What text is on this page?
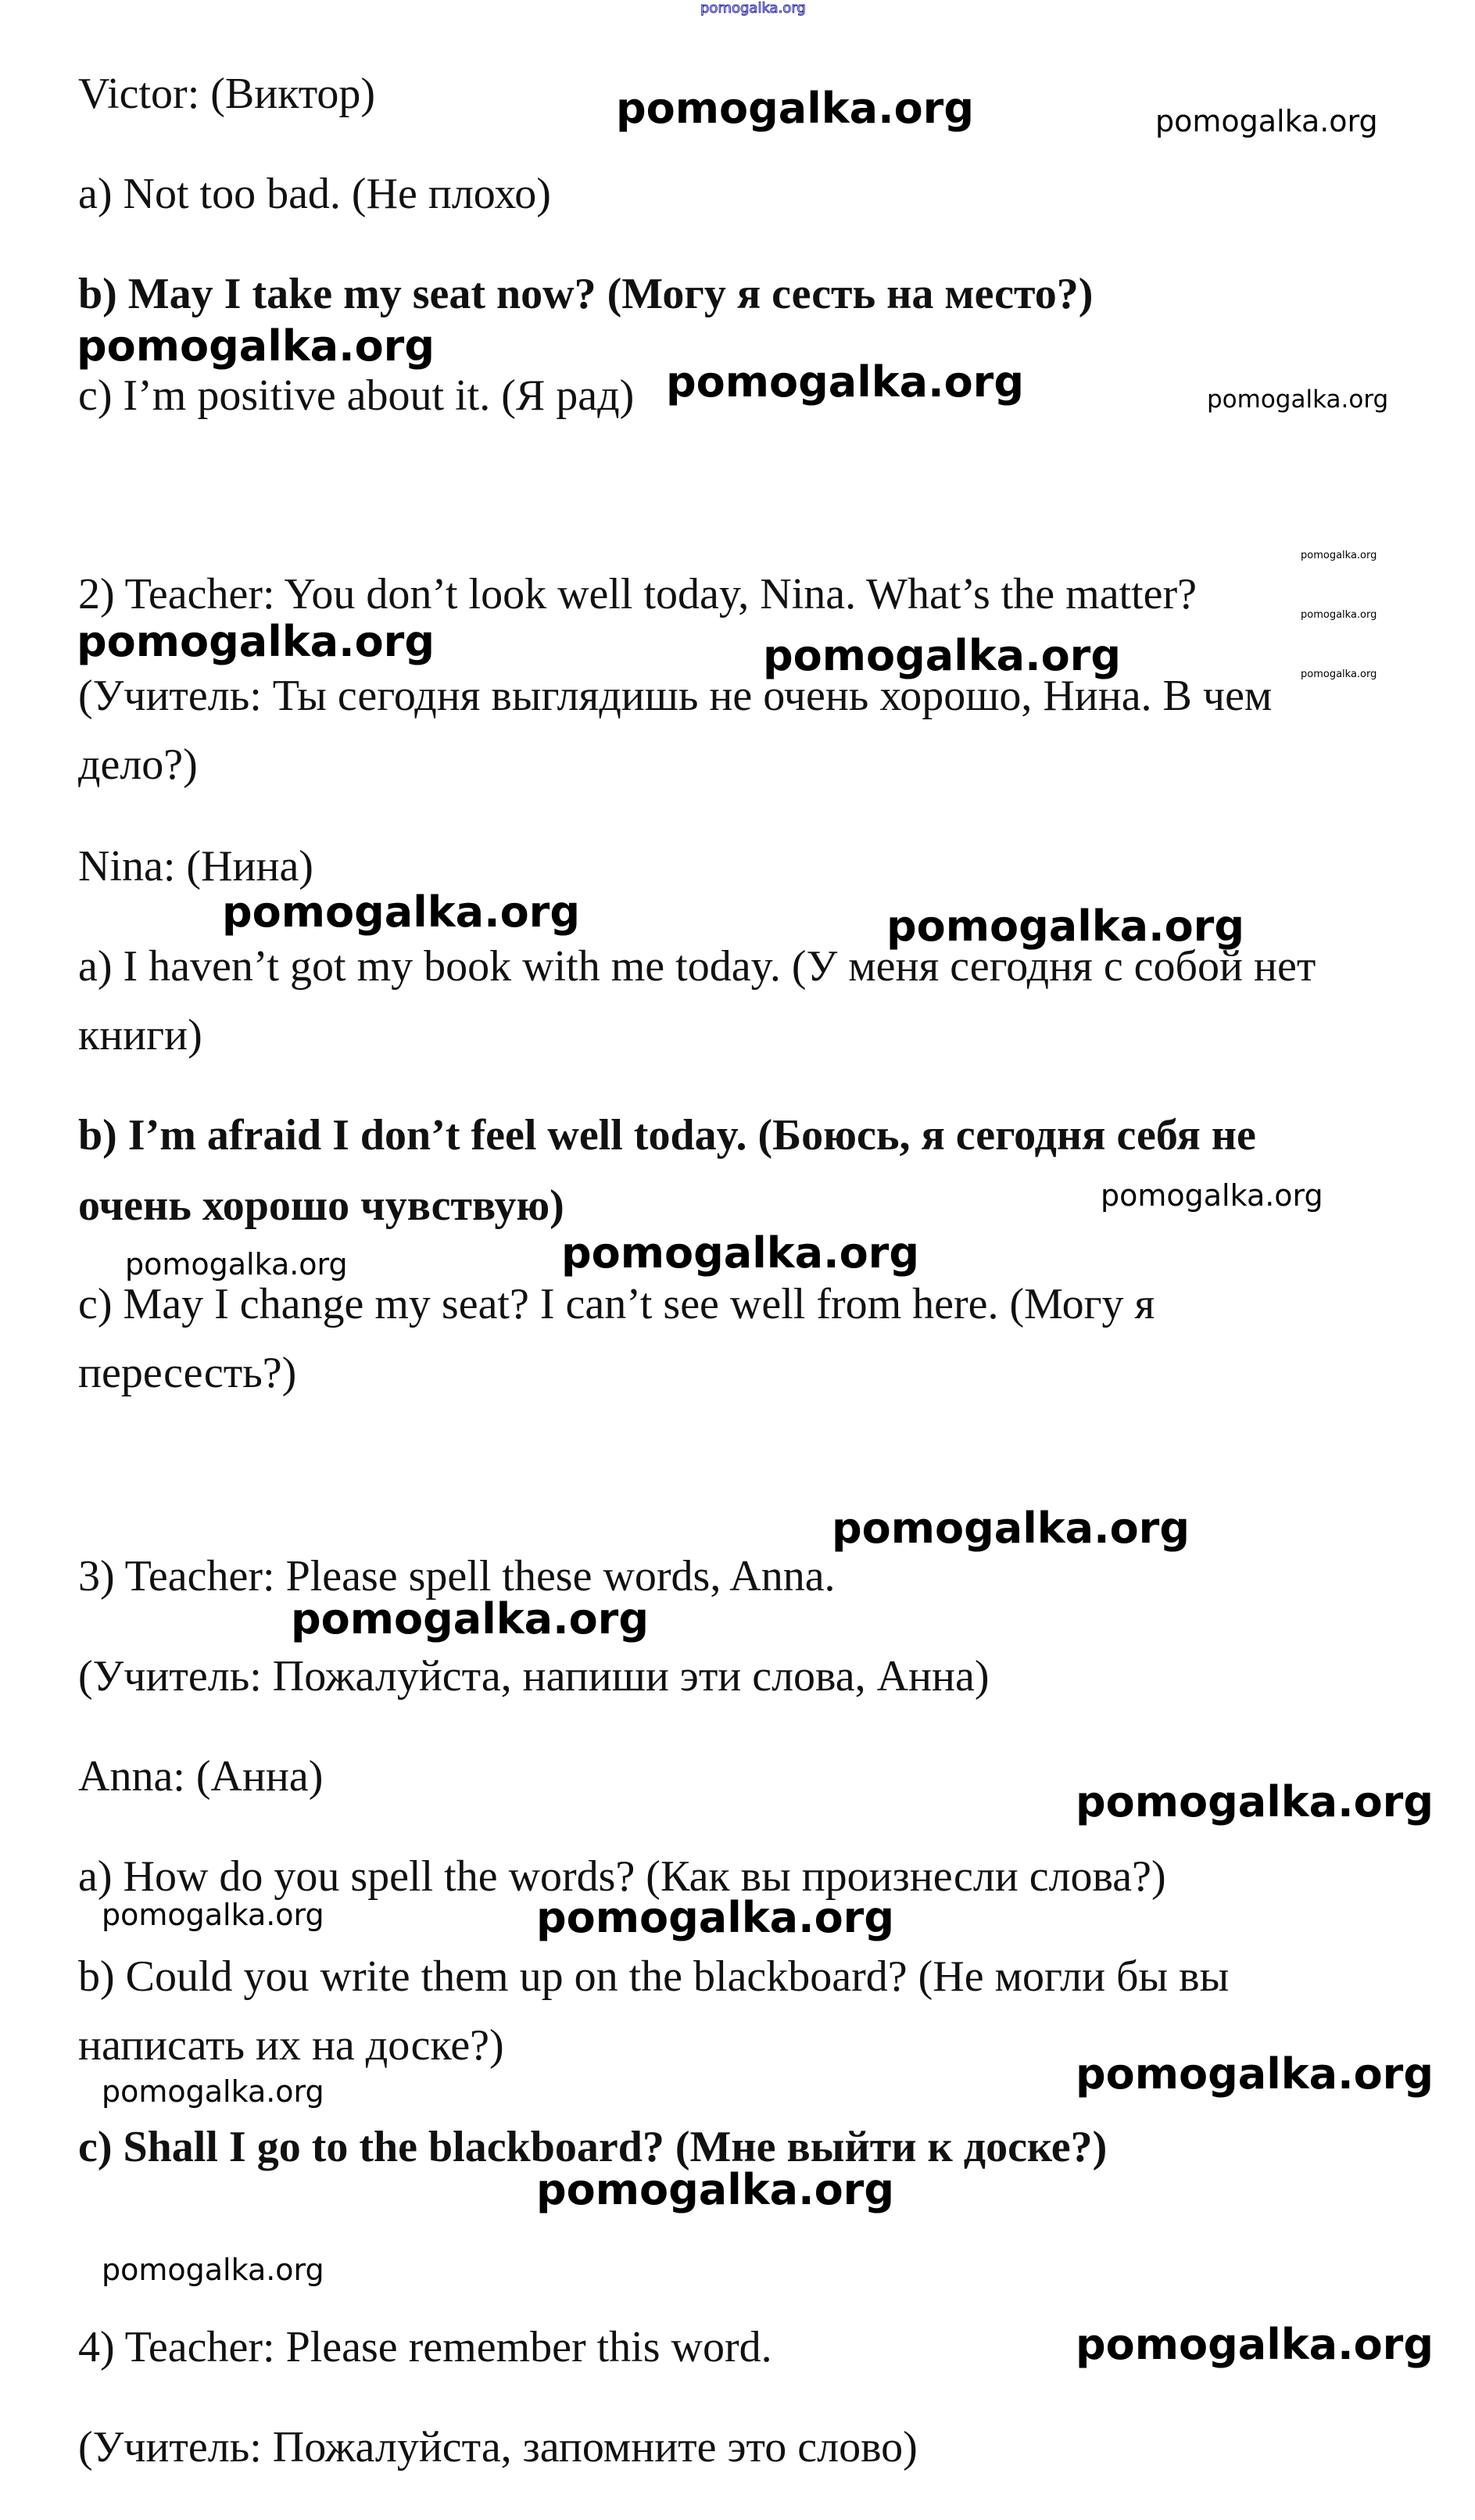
pomogalka.org
Victor: (Виктор)
a) Not too bad. (Не плохо)
b) May I take my seat now? (Могу я сесть на место?)
c) I’m positive about it. (Я рад)
2) Teacher: You don’t look well today, Nina. What’s the matter?
(Учитель: Ты сегодня выглядишь не очень хорошо, Нина. В чем
дело?)
Nina: (Нина)
a) I haven’t got my book with me today. (У меня сегодня с собой нет
книги)
b) I’m afraid I don’t feel well today. (Боюсь, я сегодня себя не
очень хорошо чувствую)
c) May I change my seat? I can’t see well from here. (Могу я
пересесть?)
3) Teacher: Please spell these words, Anna.
(Учитель: Пожалуйста, напиши эти слова, Анна)
Anna: (Анна)
a) How do you spell the words? (Как вы произнесли слова?)
b) Could you write them up on the blackboard? (Не могли бы вы
написать их на доске?)
c) Shall I go to the blackboard? (Мне выйти к доске?)
4) Teacher: Please remember this word.
(Учитель: Пожалуйста, запомните это слово)
pomogalka.org	pomogalka.org
pomogalka.org
pomogalka.org	pomogalka.org
pomogalka.org
pomogalka.org
pomogalka.org
pomogalka.org	pomogalka.org
pomogalka.org	pomogalka.org
pomogalka.org
pomogalka.org	pomogalka.org
pomogalka.org
pomogalka.org
pomogalka.org
pomogalka.org	pomogalka.org
pomogalka.org	pomogalka.org
pomogalka.org
pomogalka.org
pomogalka.org
